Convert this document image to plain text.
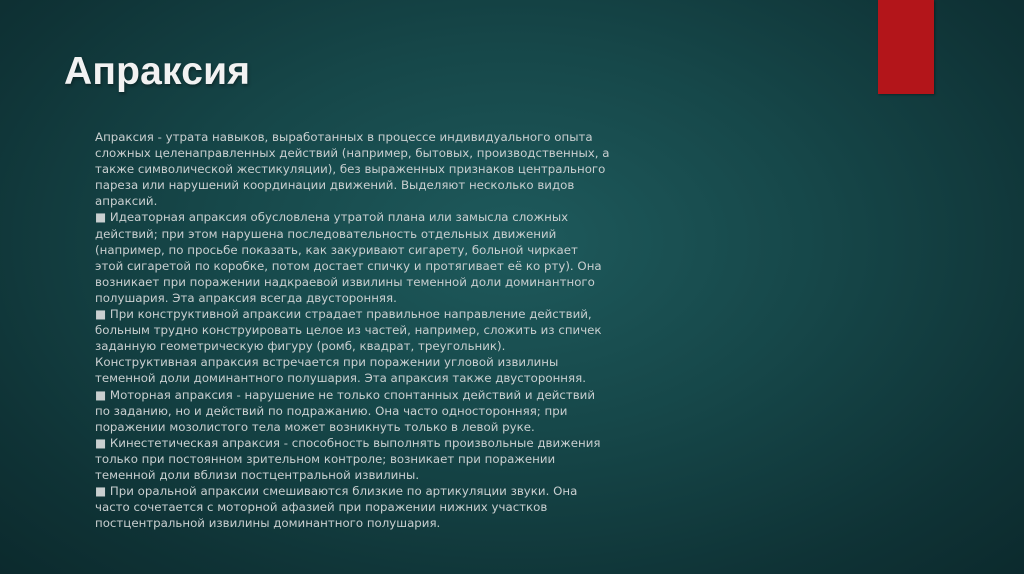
Апраксия
Апраксия - утрата навыков, выработанных в процессе индивидуального опыта
сложных целенаправленных действий (например, бытовых, производственных, а
также символической жестикуляции), без выраженных признаков центрального
пареза или нарушений координации движений. Выделяют несколько видов
апраксий.
■ Идеаторная апраксия обусловлена утратой плана или замысла сложных
действий; при этом нарушена последовательность отдельных движений
(например, по просьбе показать, как закуривают сигарету, больной чиркает
этой сигаретой по коробке, потом достает спичку и протягивает её ко рту). Она
возникает при поражении надкраевой извилины теменной доли доминантного
полушария. Эта апраксия всегда двусторонняя.
■ При конструктивной апраксии страдает правильное направление действий,
больным трудно конструировать целое из частей, например, сложить из спичек
заданную геометрическую фигуру (ромб, квадрат, треугольник).
Конструктивная апраксия встречается при поражении угловой извилины
теменной доли доминантного полушария. Эта апраксия также двусторонняя.
■ Моторная апраксия - нарушение не только спонтанных действий и действий
по заданию, но и действий по подражанию. Она часто односторонняя; при
поражении мозолистого тела может возникнуть только в левой руке.
■ Кинестетическая апраксия - способность выполнять произвольные движения
только при постоянном зрительном контроле; возникает при поражении
теменной доли вблизи постцентральной извилины.
■ При оральной апраксии смешиваются близкие по артикуляции звуки. Она
часто сочетается с моторной афазией при поражении нижних участков
постцентральной извилины доминантного полушария.
